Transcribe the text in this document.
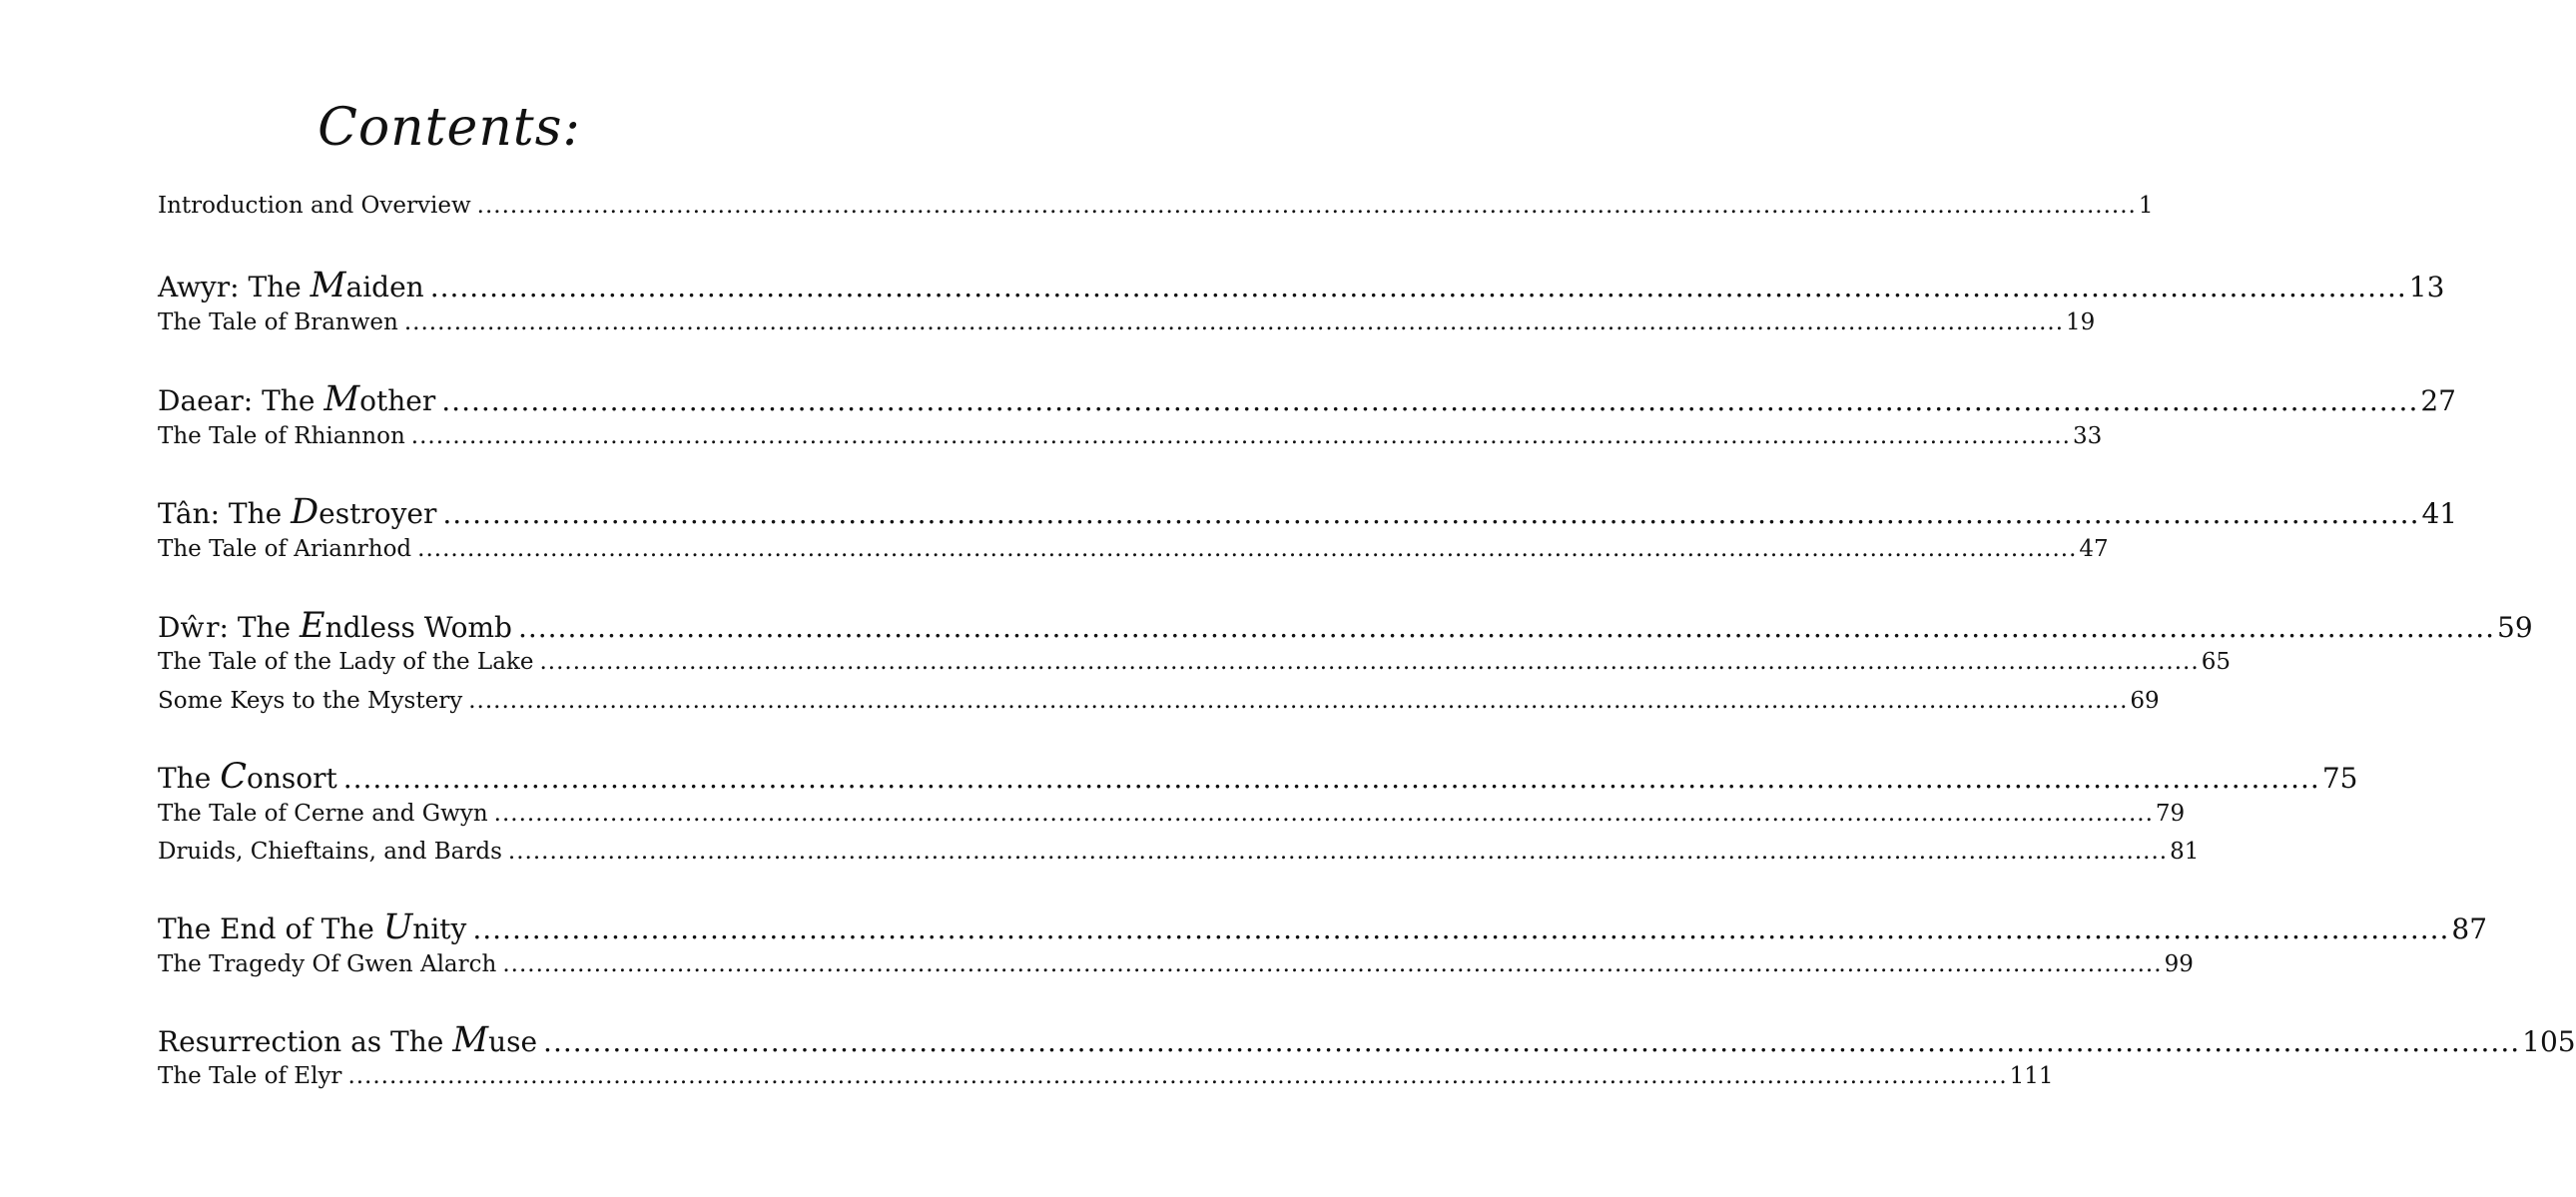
Contents:
Introduction and Overview ........................................................................................................................................................................................................ 1
Awyr: The Maiden ........................................................................................................................................................................................................ 13
The Tale of Branwen ........................................................................................................................................................................................................ 19
Daear: The Mother ........................................................................................................................................................................................................ 27
The Tale of Rhiannon ........................................................................................................................................................................................................ 33
Tân: The Destroyer ........................................................................................................................................................................................................ 41
The Tale of Arianrhod ........................................................................................................................................................................................................ 47
Dŵr: The Endless Womb ........................................................................................................................................................................................................ 59
The Tale of the Lady of the Lake ........................................................................................................................................................................................................ 65
Some Keys to the Mystery ........................................................................................................................................................................................................ 69
The Consort ........................................................................................................................................................................................................ 75
The Tale of Cerne and Gwyn ........................................................................................................................................................................................................ 79
Druids, Chieftains, and Bards ........................................................................................................................................................................................................ 81
The End of The Unity ........................................................................................................................................................................................................ 87
The Tragedy Of Gwen Alarch ........................................................................................................................................................................................................ 99
Resurrection as The Muse ........................................................................................................................................................................................................ 105
The Tale of Elyr ........................................................................................................................................................................................................ 111
